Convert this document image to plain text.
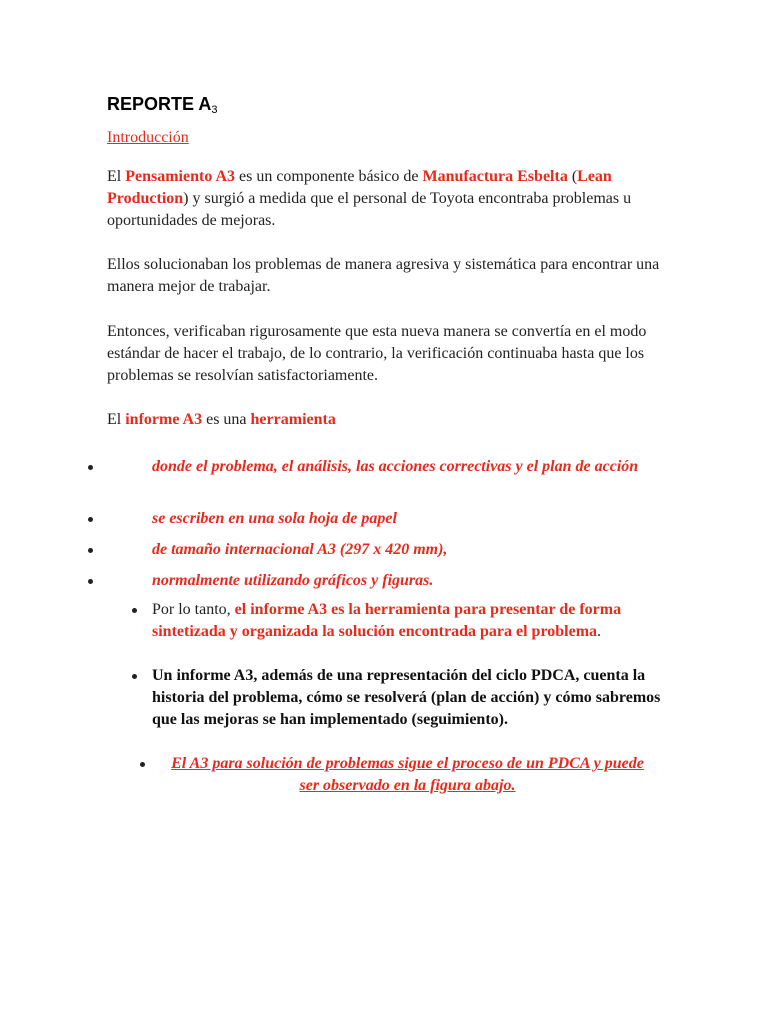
REPORTE $A_3$
Introducción

El Pensamiento A3 es un componente básico de Manufactura Esbelta (Lean Production) y surgió a medida que el personal de Toyota encontraba problemas u oportunidades de mejoras.

Ellos solucionaban los problemas de manera agresiva y sistemática para encontrar una manera mejor de trabajar.

Entonces, verificaban rigurosamente que esta nueva manera se convertía en el modo estándar de hacer el trabajo, de lo contrario, la verificación continuaba hasta que los problemas se resolvían satisfactoriamente.

El informe A3 es una herramienta

donde el problema, el análisis, las acciones correctivas y el plan de acción
se escriben en una sola hoja de papel
de tamaño internacional A3 (297 x 420 mm),
normalmente utilizando gráficos y figuras.
Por lo tanto, el informe A3 es la herramienta para presentar de forma sintetizada y organizada la solución encontrada para el problema.
Un informe A3, además de una representación del ciclo PDCA, cuenta la historia del problema, cómo se resolverá (plan de acción) y cómo sabremos que las mejoras se han implementado (seguimiento).
El A3 para solución de problemas sigue el proceso de un PDCA y puede ser observado en la figura abajo.
